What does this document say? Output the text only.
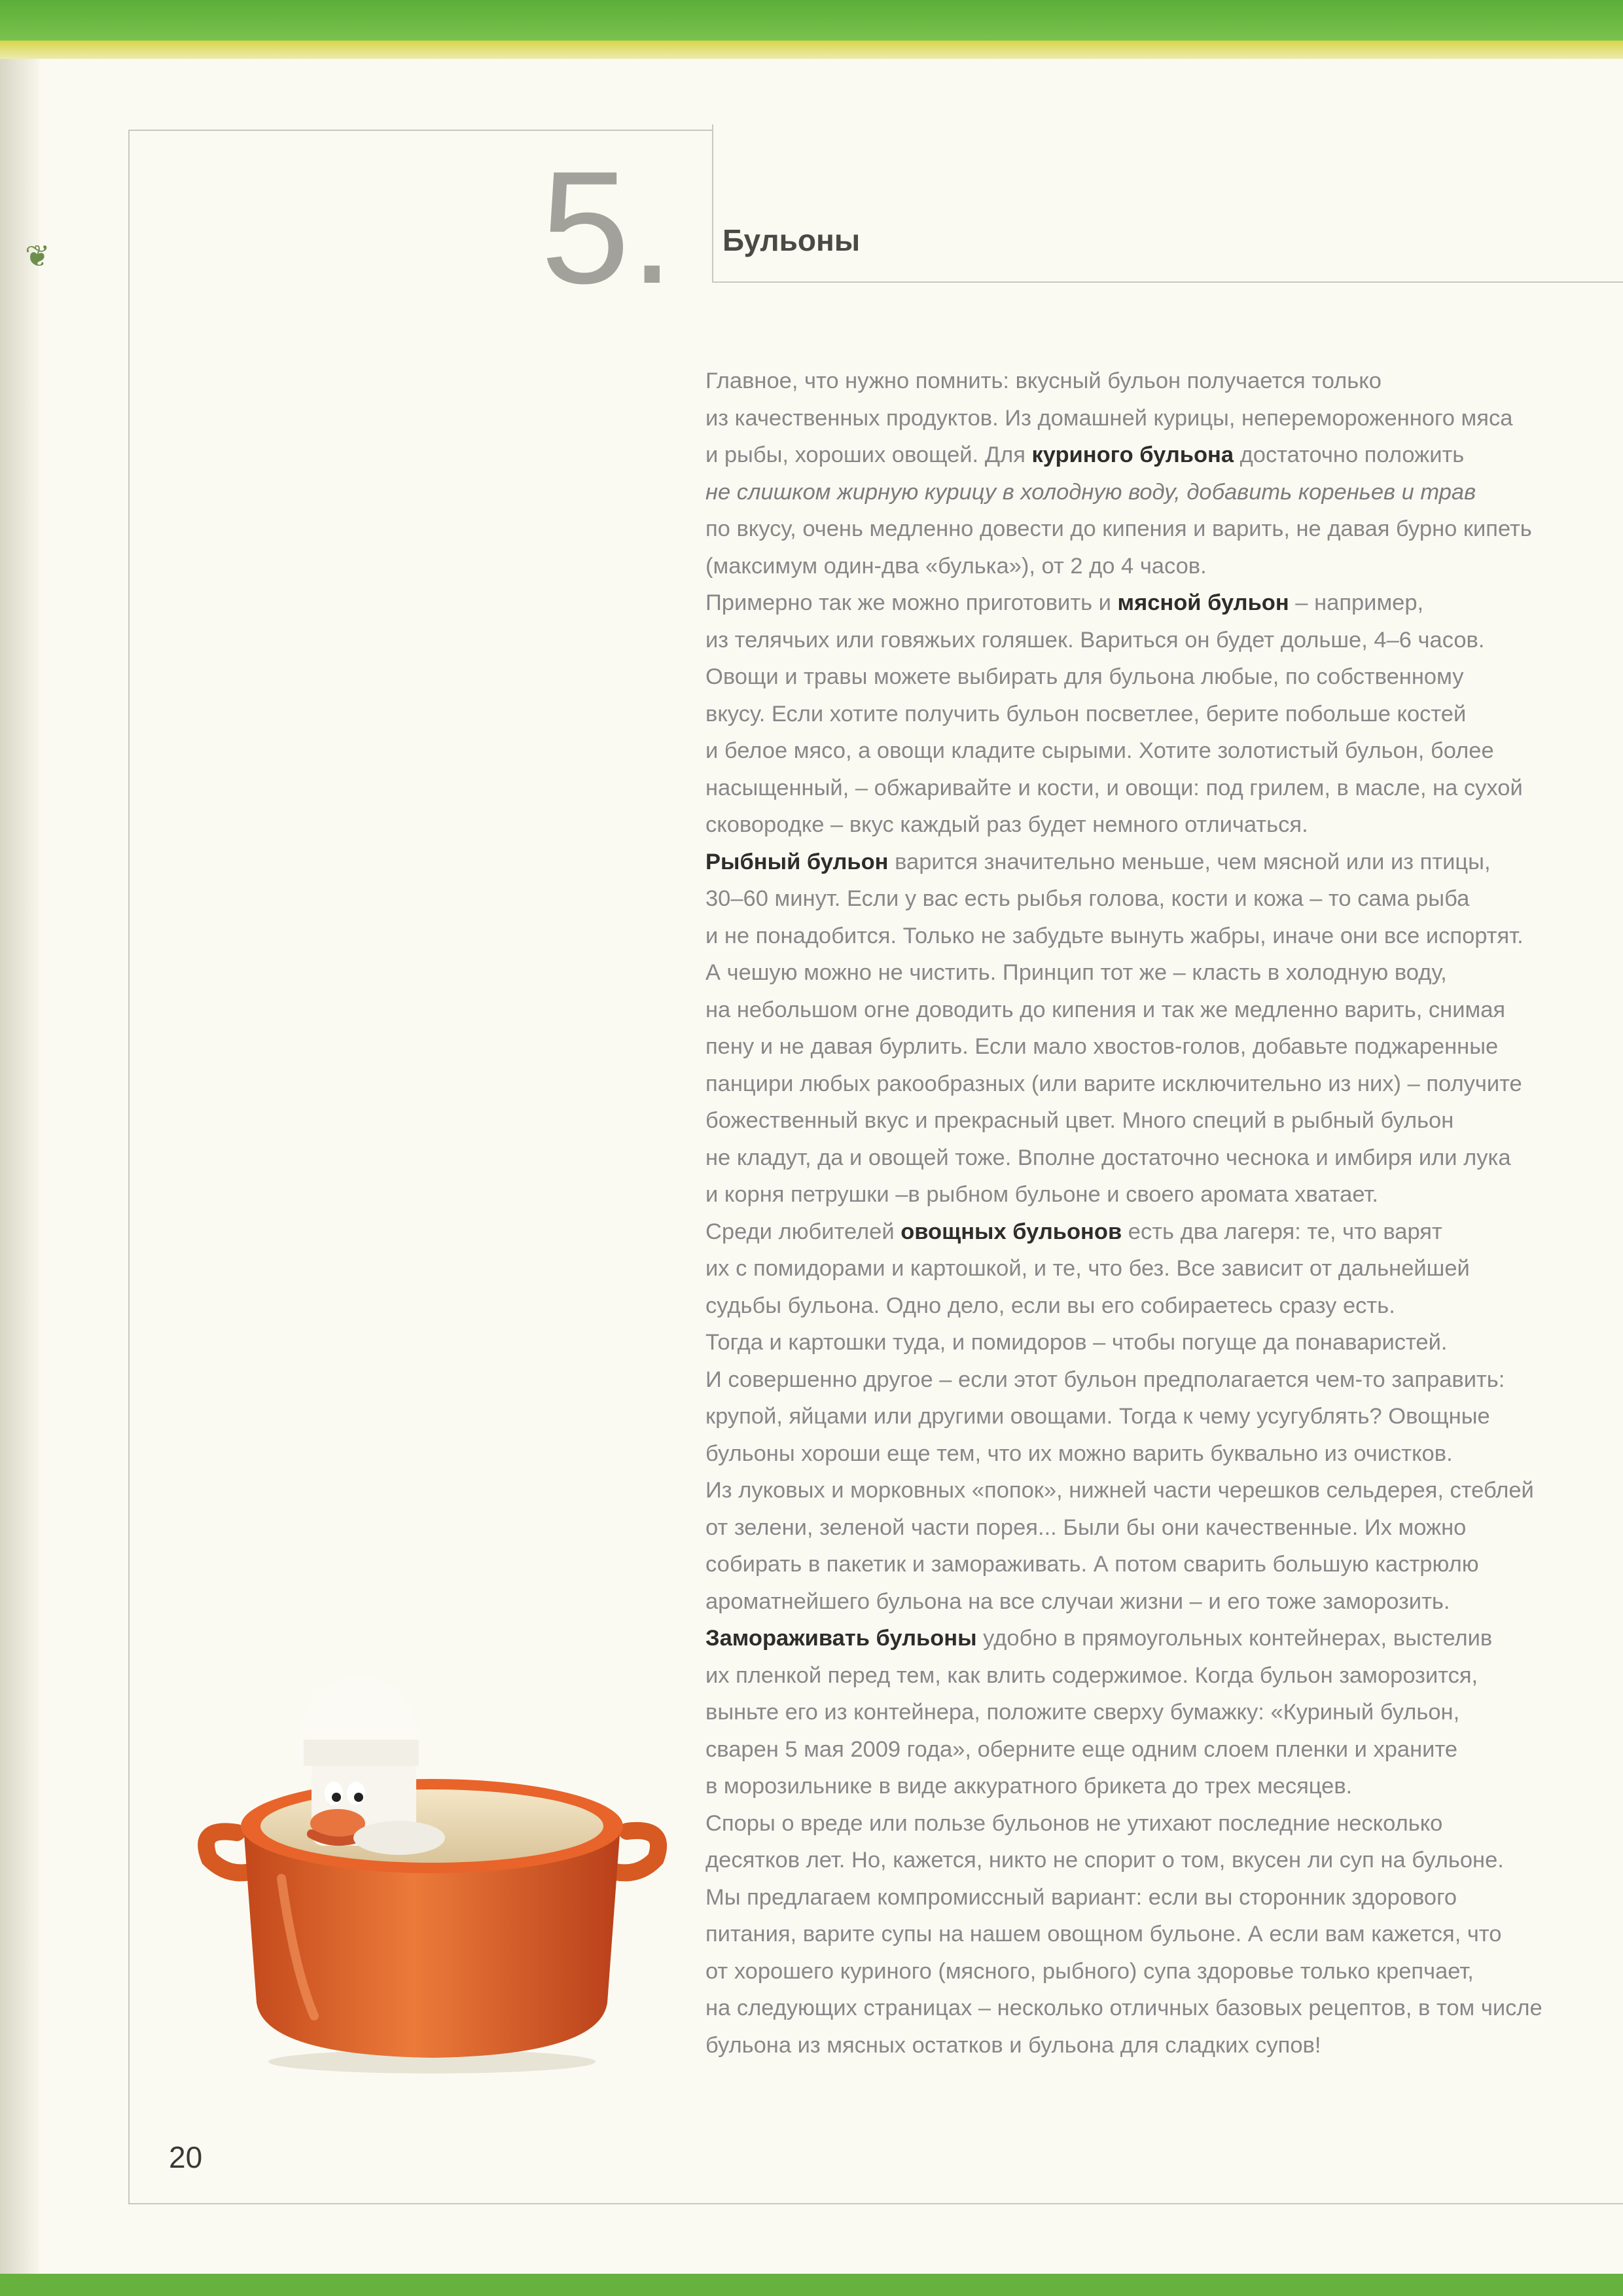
❦	5.	Бульоны
Главное, что нужно помнить: вкусный бульон получается только
из качественных продуктов. Из домашней курицы, неперемороженного мяса
и рыбы, хороших овощей. Для куриного бульона достаточно положить
не слишком жирную курицу в холодную воду, добавить кореньев и трав
по вкусу, очень медленно довести до кипения и варить, не давая бурно кипеть
(максимум один-два «булька»), от 2 до 4 часов.
Примерно так же можно приготовить и мясной бульон – например,
из телячьих или говяжьих голяшек. Вариться он будет дольше, 4–6 часов.
Овощи и травы можете выбирать для бульона любые, по собственному
вкусу. Если хотите получить бульон посветлее, берите побольше костей
и белое мясо, а овощи кладите сырыми. Хотите золотистый бульон, более
насыщенный, – обжаривайте и кости, и овощи: под грилем, в масле, на сухой
сковородке – вкус каждый раз будет немного отличаться.
Рыбный бульон варится значительно меньше, чем мясной или из птицы,
30–60 минут. Если у вас есть рыбья голова, кости и кожа – то сама рыба
и не понадобится. Только не забудьте вынуть жабры, иначе они все испортят.
А чешую можно не чистить. Принцип тот же – класть в холодную воду,
на небольшом огне доводить до кипения и так же медленно варить, снимая
пену и не давая бурлить. Если мало хвостов-голов, добавьте поджаренные
панцири любых ракообразных (или варите исключительно из них) – получите
божественный вкус и прекрасный цвет. Много специй в рыбный бульон
не кладут, да и овощей тоже. Вполне достаточно чеснока и имбиря или лука
и корня петрушки –в рыбном бульоне и своего аромата хватает.
Среди любителей овощных бульонов есть два лагеря: те, что варят
их с помидорами и картошкой, и те, что без. Все зависит от дальнейшей
судьбы бульона. Одно дело, если вы его собираетесь сразу есть.
Тогда и картошки туда, и помидоров – чтобы погуще да понаваристей.
И совершенно другое – если этот бульон предполагается чем-то заправить:
крупой, яйцами или другими овощами. Тогда к чему усугублять? Овощные
бульоны хороши еще тем, что их можно варить буквально из очистков.
Из луковых и морковных «попок», нижней части черешков сельдерея, стеблей
от зелени, зеленой части порея... Были бы они качественные. Их можно
собирать в пакетик и замораживать. А потом сварить большую кастрюлю
ароматнейшего бульона на все случаи жизни – и его тоже заморозить.
Замораживать бульоны удобно в прямоугольных контейнерах, выстелив
их пленкой перед тем, как влить содержимое. Когда бульон заморозится,
выньте его из контейнера, положите сверху бумажку: «Куриный бульон,
сварен 5 мая 2009 года», оберните еще одним слоем пленки и храните
в морозильнике в виде аккуратного брикета до трех месяцев.
Споры о вреде или пользе бульонов не утихают последние несколько
десятков лет. Но, кажется, никто не спорит о том, вкусен ли суп на бульоне.
Мы предлагаем компромиссный вариант: если вы сторонник здорового
питания, варите супы на нашем овощном бульоне. А если вам кажется, что
от хорошего куриного (мясного, рыбного) супа здоровье только крепчает,
на следующих страницах – несколько отличных базовых рецептов, в том числе
бульона из мясных остатков и бульона для сладких супов!
20
